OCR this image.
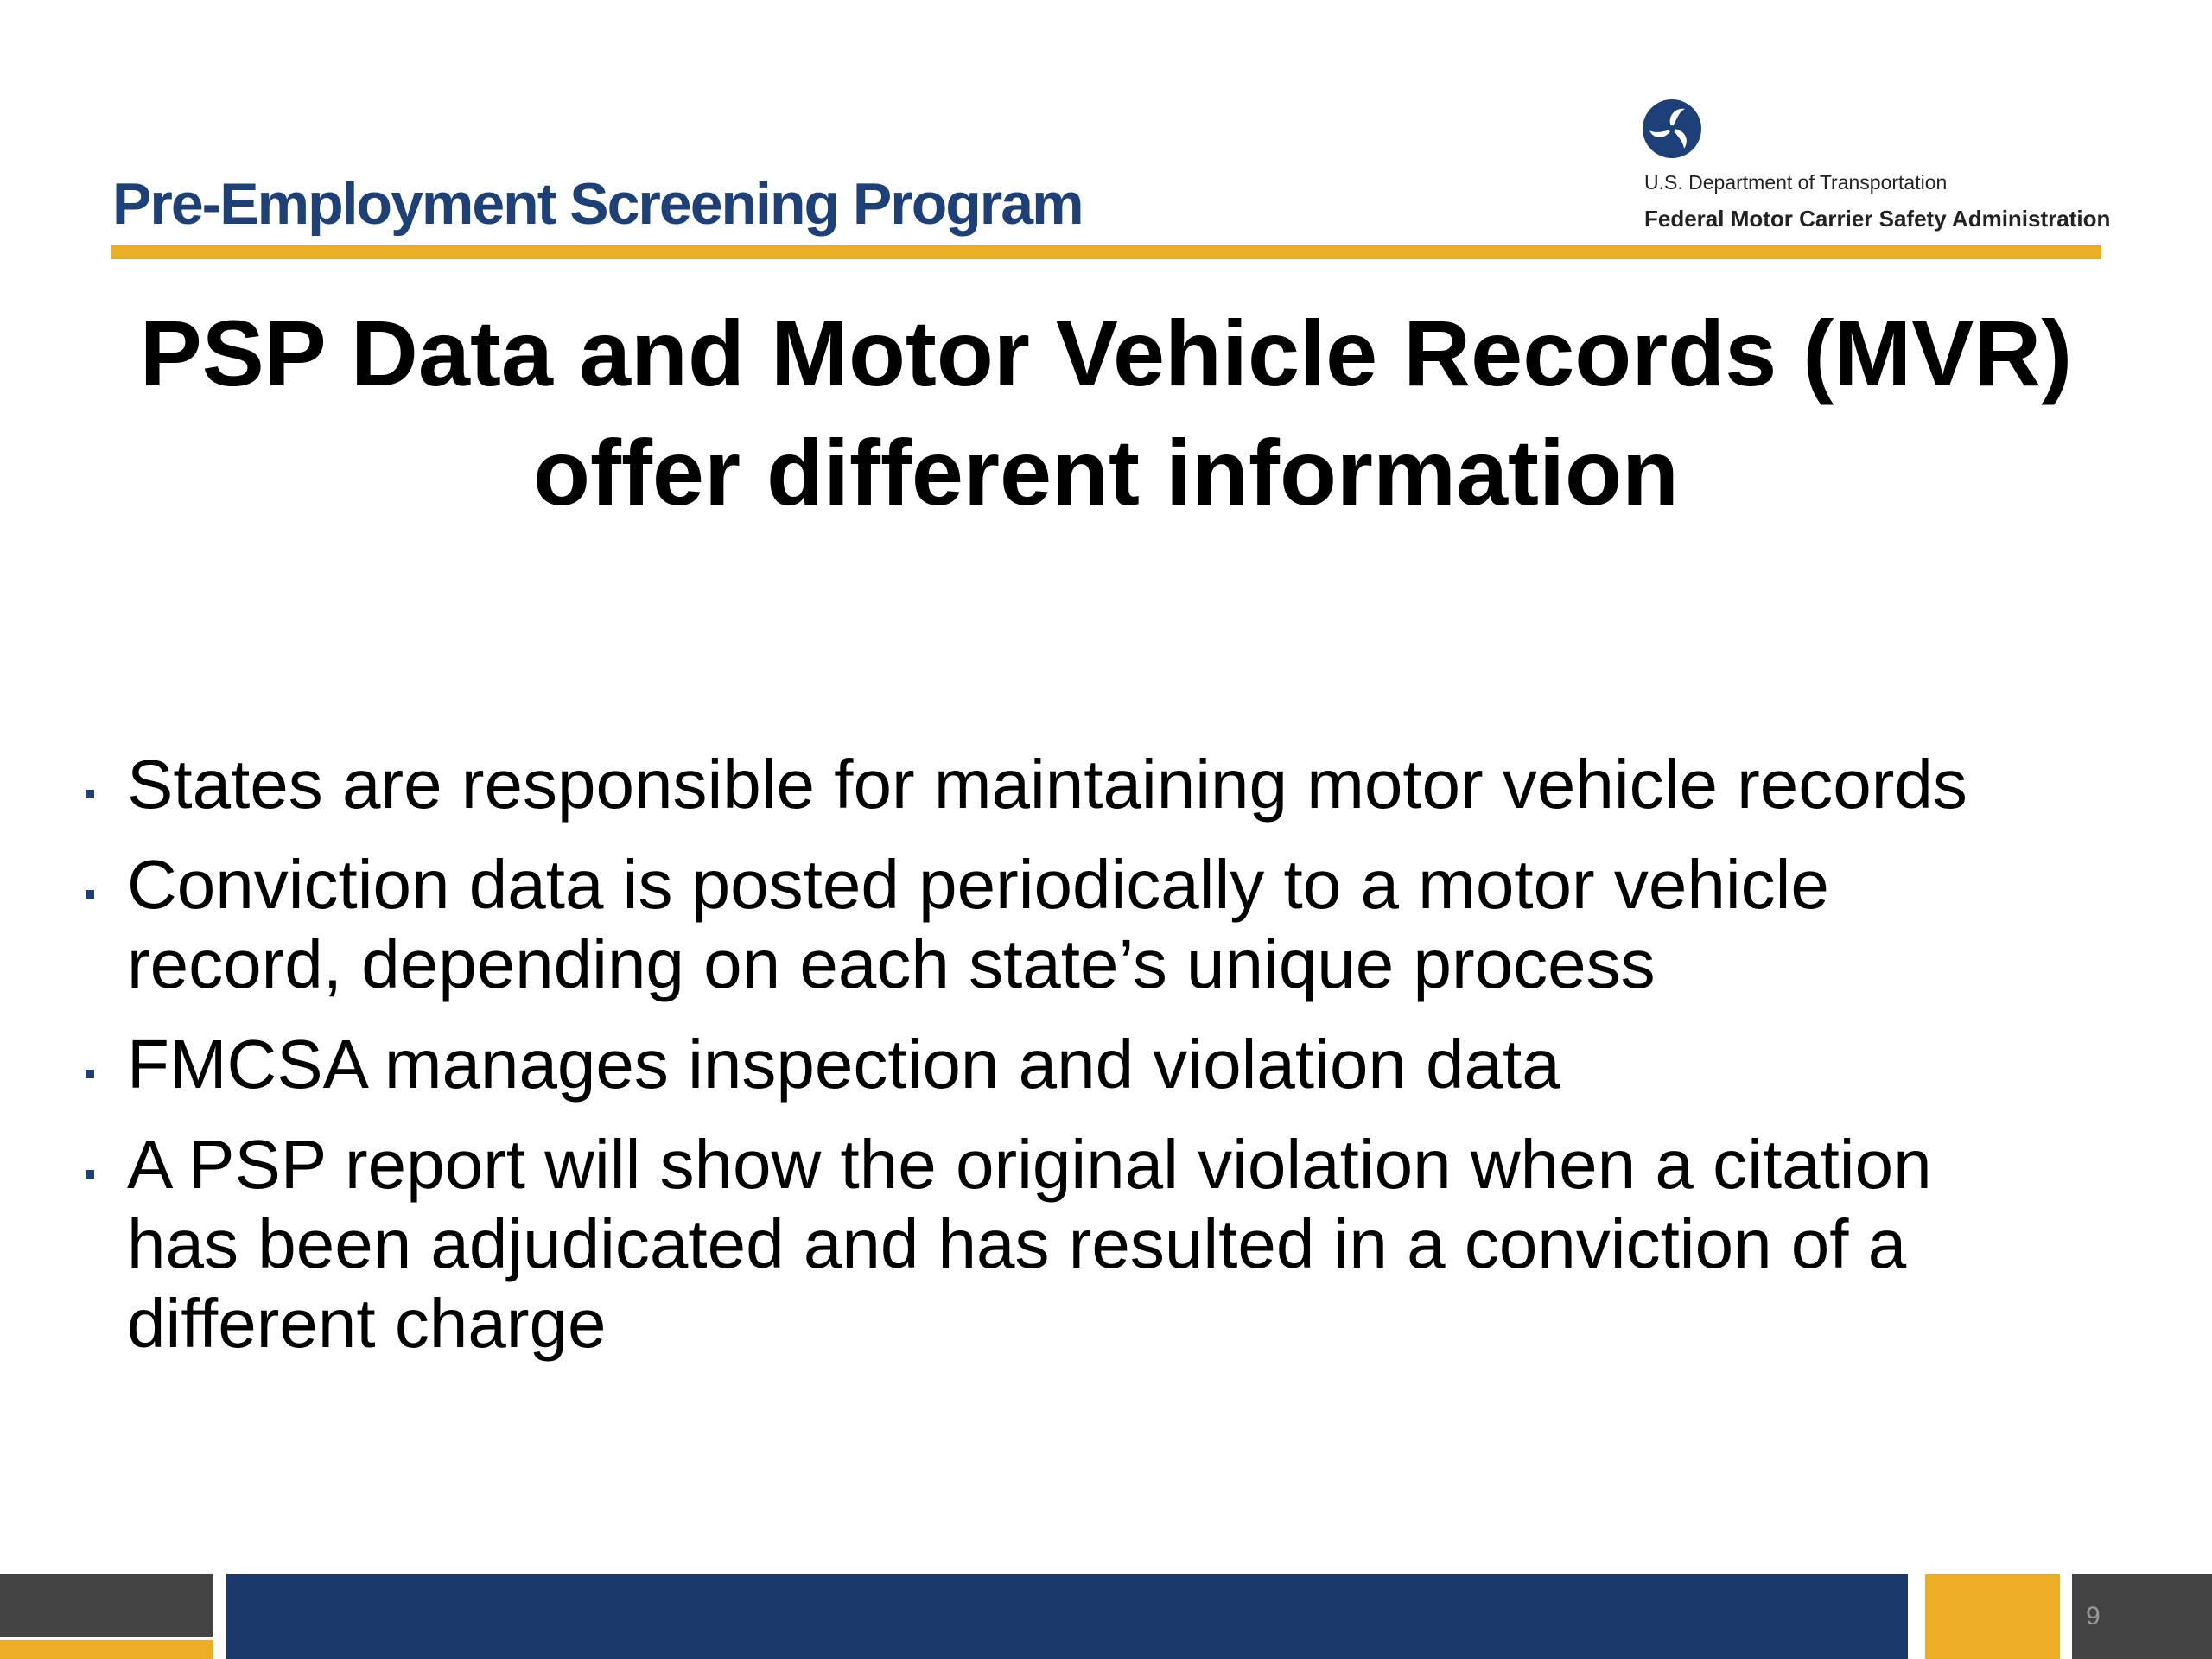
Pre-Employment Screening Program	U.S. Department of Transportation
Federal Motor Carrier Safety Administration
PSP Data and Motor Vehicle Records (MVR)
offer different information
States are responsible for maintaining motor vehicle records
Conviction data is posted periodically to a motor vehicle record, depending on each state’s unique process
FMCSA manages inspection and violation data
A PSP report will show the original violation when a citation has been adjudicated and has resulted in a conviction of a different charge
9
